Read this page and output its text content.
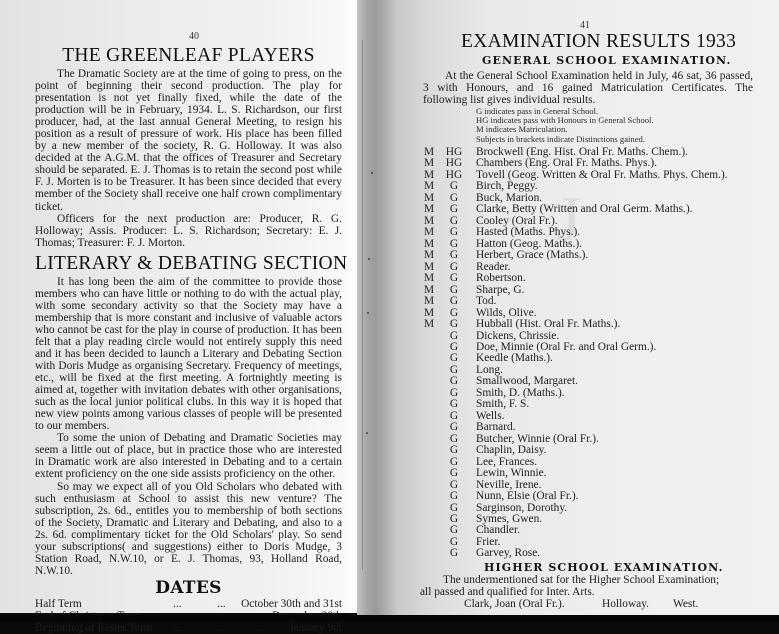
40
THE GREENLEAF PLAYERS

The Dramatic Society are at the time of going to press, on the point of beginning their second production. The play for presentation is not yet finally fixed, while the date of the production will be in February, 1934. L. S. Richardson, our first producer, had, at the last annual General Meeting, to resign his position as a result of pressure of work. His place has been filled by a new member of the society, R. G. Holloway. It was also decided at the A.G.M. that the offices of Treasurer and Secretary should be separated. E. J. Thomas is to retain the second post while F. J. Morten is to be Treasurer. It has been since decided that every member of the Society shall receive one half crown complimentary ticket.

Officers for the next production are: Producer, R. G. Holloway; Assis. Producer: L. S. Richardson; Secretary: E. J. Thomas; Treasurer: F. J. Morton.

LITERARY & DEBATING SECTION

It has long been the aim of the committee to provide those members who can have little or nothing to do with the actual play, with some secondary activity so that the Society may have a membership that is more constant and inclusive of valuable actors who cannot be cast for the play in course of production. It has been felt that a play reading circle would not entirely supply this need and it has been decided to launch a Literary and Debating Section with Doris Mudge as organising Secretary. Frequency of meetings, etc., will be fixed at the first meeting. A fortnightly meeting is aimed at, together with invitation debates with other organisations, such as the local junior political clubs. In this way it is hoped that new view points among various classes of people will be presented to our members.

To some the union of Debating and Dramatic Societies may seem a little out of place, but in practice those who are interested in Dramatic work are also interested in Debating and to a certain extent proficiency on the one side assists proficiency on the other.

So may we expect all of you Old Scholars who debated with such enthusiasm at School to assist this new venture? The subscription, 2s. 6d., entitles you to membership of both sections of the Society, Dramatic and Literary and Debating, and also to a 2s. 6d. complimentary ticket for the Old Scholars' play. So send your subscriptions( and suggestions) either to Doris Mudge, 3 Station Road, N.W.10, or E. J. Thomas, 93, Holland Road, N.W.10.

DATES
Half Term	...	... October 30th and 31st
Beginning of Easter Term ...	...	... January 9th
J
41
EXAMINATION RESULTS 1933
GENERAL SCHOOL EXAMINATION.

At the General School Examination held in July, 46 sat, 36 passed, 3 with Honours, and 16 gained Matriculation Certificates. The following list gives individual results.

G indicates pass in General School.
HG indicates pass with Honours in General School.
M indicates Matriculation.
Subjects in brackets indicate Distinctions gained.
M	HG	Brockwell (Eng. Hist. Oral Fr. Maths. Chem.).
M	HG	Chambers (Eng. Oral Fr. Maths. Phys.).
M	HG	Tovell (Geog. Written & Oral Fr. Maths. Phys. Chem.).
M	G	Birch, Peggy.
M	G	Buck, Marion.
M	G	Clarke, Betty (Written and Oral Germ. Maths.).
M	G	Cooley (Oral Fr.).
M	G	Hasted (Maths. Phys.).
M	G	Hatton (Geog. Maths.).
M	G	Herbert, Grace (Maths.).
M	G	Reader.
M	G	Robertson.
M	G	Sharpe, G.
M	G	Tod.
M	G	Wilds, Olive.
M	G	Hubball (Hist. Oral Fr. Maths.).
G	Dickens, Chrissie.
G	Doe, Minnie (Oral Fr. and Oral Germ.).
G	Keedle (Maths.).
G	Long.
G	Smallwood, Margaret.
G	Smith, D. (Maths.).
G	Smith, F. S.
G	Wells.
G	Barnard.
G	Butcher, Winnie (Oral Fr.).
G	Chaplin, Daisy.
G	Lee, Frances.
G	Lewin, Winnie.
G	Neville, Irene.
G	Nunn, Elsie (Oral Fr.).
G	Sarginson, Dorothy.
G	Symes, Gwen.
G	Chandler.
G	Frier.
G	Garvey, Rose.
HIGHER SCHOOL EXAMINATION.
The undermentioned sat for the Higher School Examination;
all passed and qualified for Inter. Arts.
Clark, Joan (Oral Fr.).	Holloway. West.
